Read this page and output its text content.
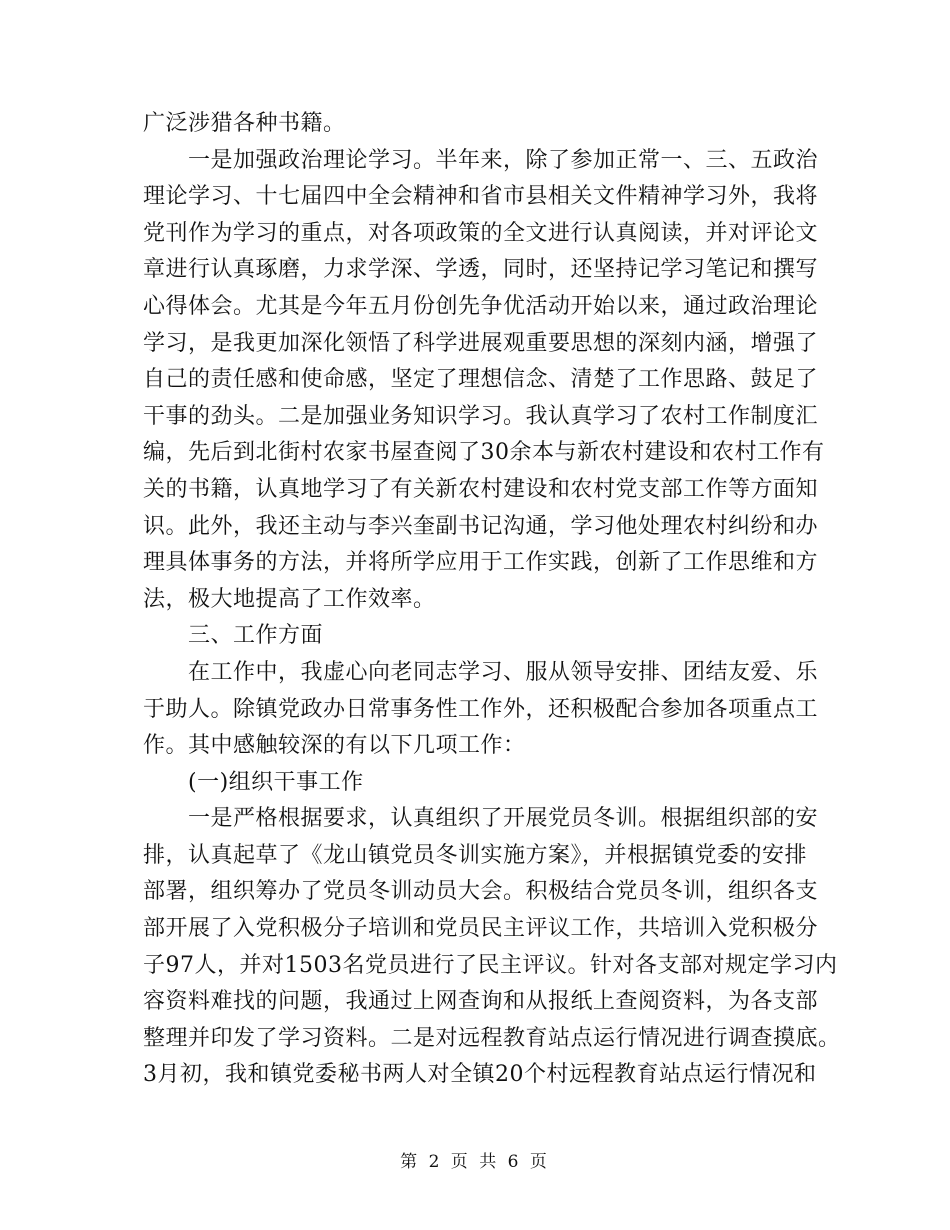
广泛涉猎各种书籍。
一是加强政治理论学习。半年来，除了参加正常一、三、五政治
理论学习、十七届四中全会精神和省市县相关文件精神学习外，我将
党刊作为学习的重点，对各项政策的全文进行认真阅读，并对评论文
章进行认真琢磨，力求学深、学透，同时，还坚持记学习笔记和撰写
心得体会。尤其是今年五月份创先争优活动开始以来，通过政治理论
学习，是我更加深化领悟了科学进展观重要思想的深刻内涵，增强了
自己的责任感和使命感，坚定了理想信念、清楚了工作思路、鼓足了
干事的劲头。二是加强业务知识学习。我认真学习了农村工作制度汇
编，先后到北街村农家书屋查阅了30余本与新农村建设和农村工作有
关的书籍，认真地学习了有关新农村建设和农村党支部工作等方面知
识。此外，我还主动与李兴奎副书记沟通，学习他处理农村纠纷和办
理具体事务的方法，并将所学应用于工作实践，创新了工作思维和方
法，极大地提高了工作效率。
三、工作方面
在工作中，我虚心向老同志学习、服从领导安排、团结友爱、乐
于助人。除镇党政办日常事务性工作外，还积极配合参加各项重点工
作。其中感触较深的有以下几项工作：
(一)组织干事工作
一是严格根据要求，认真组织了开展党员冬训。根据组织部的安
排，认真起草了《龙山镇党员冬训实施方案》，并根据镇党委的安排
部署，组织筹办了党员冬训动员大会。积极结合党员冬训，组织各支
部开展了入党积极分子培训和党员民主评议工作，共培训入党积极分
子97人，并对1503名党员进行了民主评议。针对各支部对规定学习内
容资料难找的问题，我通过上网查询和从报纸上查阅资料，为各支部
整理并印发了学习资料。二是对远程教育站点运行情况进行调查摸底。
3月初，我和镇党委秘书两人对全镇20个村远程教育站点运行情况和
第 2 页 共 6 页
